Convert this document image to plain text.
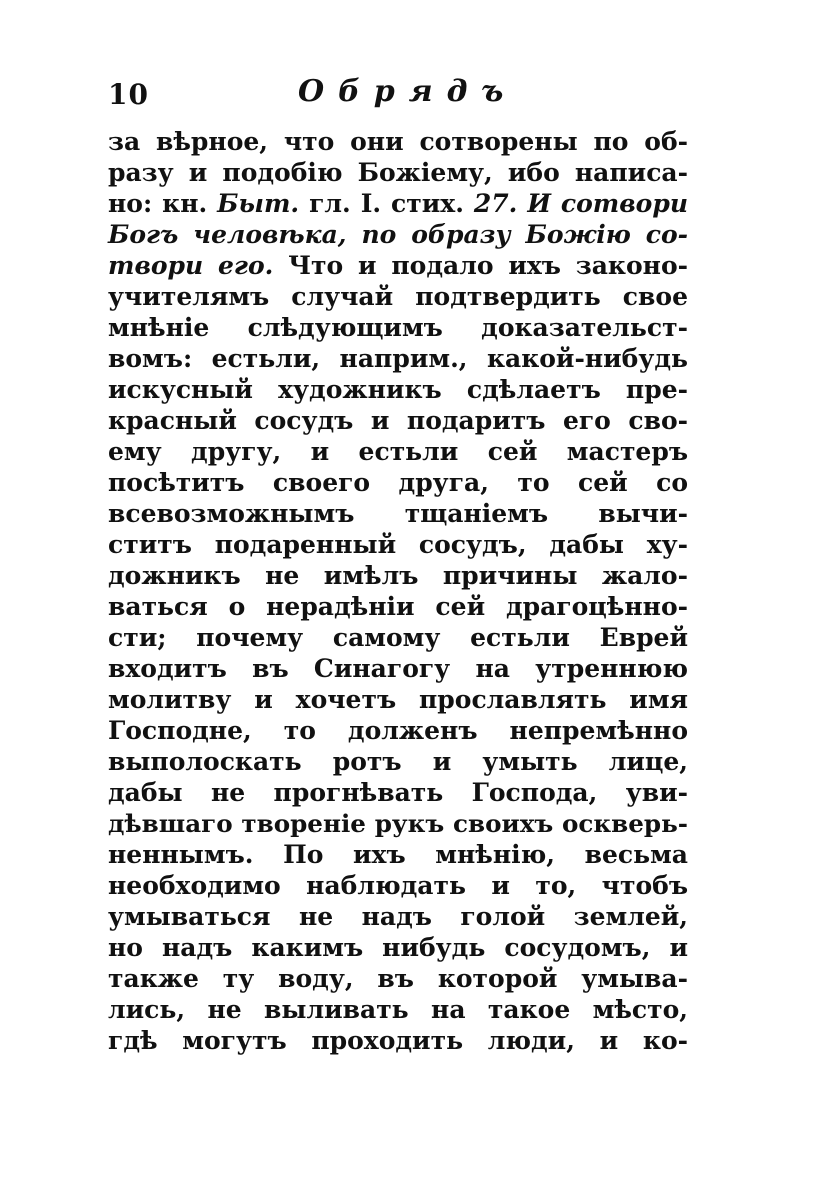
10	Обрядъ
за вѣрное, что они сотворены по об-
разу и подобію Божіему, ибо написа-
но: кн. Быт. гл. I. стих. 27. И сотвори
Богъ человѣка, по образу Божію со-
твори его. Что и подало ихъ законо-
учителямъ случай подтвердить свое
мнѣніе слѣдующимъ доказательст-
вомъ: естьли, наприм., какой-нибудь
искусный художникъ сдѣлаетъ пре-
красный сосудъ и подаритъ его сво-
ему другу, и естьли сей мастеръ
посѣтитъ своего друга, то сей со
всевозможнымъ тщаніемъ вычи-
ститъ подаренный сосудъ, дабы ху-
дожникъ не имѣлъ причины жало-
ваться о нерадѣніи сей драгоцѣнно-
сти; почему самому естьли Еврей
входитъ въ Синагогу на утреннюю
молитву и хочетъ прославлять имя
Господне, то долженъ непремѣнно
выполоскать ротъ и умыть лице,
дабы не прогнѣвать Господа, уви-
дѣвшаго твореніе рукъ своихъ оскверь-
неннымъ. По ихъ мнѣнію, весьма
необходимо наблюдать и то, чтобъ
умываться не надъ голой землей,
но надъ какимъ нибудь сосудомъ, и
также ту воду, въ которой умыва-
лись, не выливать на такое мѣсто,
гдѣ могутъ проходить люди, и ко-
